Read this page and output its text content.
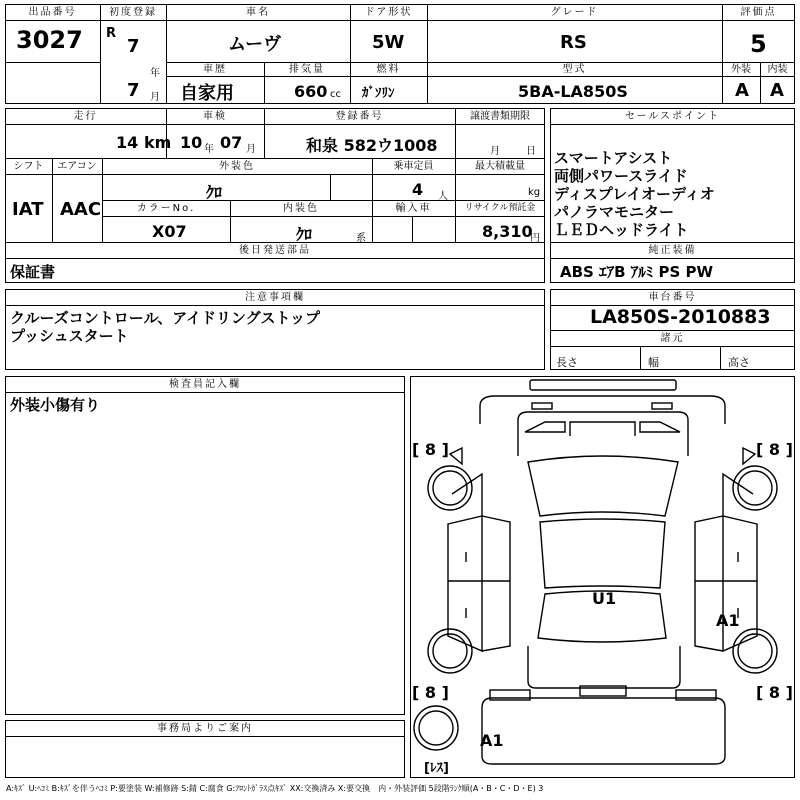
出品番号
3027
初度登録
R
7
年
7 月
車名
ムーヴ
ドア形状
5W
グレード
RS
評価点
5
車歴
自家用
排気量
660 cc
燃料
ｶﾞｿﾘﾝ
型式
5BA-LA850S
外装
A
内装
A
走行
14 km
車検
10 年 07 月
登録番号
和泉 582ウ1008
譲渡書類期限
月	日
シフト
IAT
エアコン
AAC
外装色
ｸﾛ
乗車定員
4 人
最大積載量
kg
カラーNo.
X07
内装色
ｸﾛ	系
輸入車	リサイクル預託金
8,310
円
後日発送部品
保証書
セールスポイント
スマートアシスト
両側パワースライド
ディスプレイオーディオ
パノラマモニター
ＬＥＤヘッドライト
純正装備
ABS ｴｱB ｱﾙﾐ PS PW
注意事項欄
クルーズコントロール、アイドリングストップ
プッシュスタート
車台番号
LA850S-2010883
諸元
長さ	幅	高さ
検査員記入欄
外装小傷有り
事務局よりご案内
[ 8 ]	[ 8 ]
[ 8 ]	[ 8 ]
U1
A1
A1
[ﾚｽ]
A:ｷｽﾞ U:ﾍｺﾐ B:ｷｽﾞを伴うﾍｺﾐ P:要塗装 W:補修跡 S:錆 C:腐食 G:ﾌﾛﾝﾄｶﾞﾗｽ点ｷｽﾞ XX:交換済み X:要交換　内・外装評価 5段階ﾗﾝｸ順(A・B・C・D・E) 3
